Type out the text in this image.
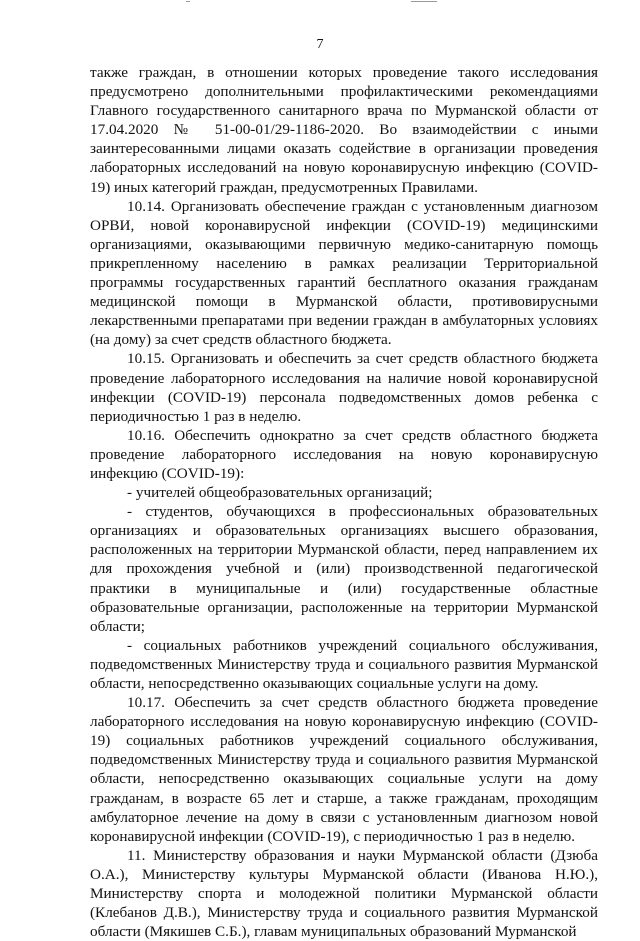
7

также граждан, в отношении которых проведение такого исследования предусмотрено дополнительными профилактическими рекомендациями Главного государственного санитарного врача по Мурманской области от 17.04.2020 № 51-00-01/29-1186-2020. Во взаимодействии с иными заинтересованными лицами оказать содействие в организации проведения лабораторных исследований на новую коронавирусную инфекцию (COVID-19) иных категорий граждан, предусмотренных Правилами.

10.14. Организовать обеспечение граждан с установленным диагнозом ОРВИ, новой коронавирусной инфекции (COVID-19) медицинскими организациями, оказывающими первичную медико-санитарную помощь прикрепленному населению в рамках реализации Территориальной программы государственных гарантий бесплатного оказания гражданам медицинской помощи в Мурманской области, противовирусными лекарственными препаратами при ведении граждан в амбулаторных условиях (на дому) за счет средств областного бюджета.

10.15. Организовать и обеспечить за счет средств областного бюджета проведение лабораторного исследования на наличие новой коронавирусной инфекции (COVID-19) персонала подведомственных домов ребенка с периодичностью 1 раз в неделю.

10.16. Обеспечить однократно за счет средств областного бюджета проведение лабораторного исследования на новую коронавирусную инфекцию (COVID-19):

- учителей общеобразовательных организаций;

- студентов, обучающихся в профессиональных образовательных организациях и образовательных организациях высшего образования, расположенных на территории Мурманской области, перед направлением их для прохождения учебной и (или) производственной педагогической практики в муниципальные и (или) государственные областные образовательные организации, расположенные на территории Мурманской области;

- социальных работников учреждений социального обслуживания, подведомственных Министерству труда и социального развития Мурманской области, непосредственно оказывающих социальные услуги на дому.

10.17. Обеспечить за счет средств областного бюджета проведение лабораторного исследования на новую коронавирусную инфекцию (COVID-19) социальных работников учреждений социального обслуживания, подведомственных Министерству труда и социального развития Мурманской области, непосредственно оказывающих социальные услуги на дому гражданам, в возрасте 65 лет и старше, а также гражданам, проходящим амбулаторное лечение на дому в связи с установленным диагнозом новой коронавирусной инфекции (COVID-19), с периодичностью 1 раз в неделю.

11. Министерству образования и науки Мурманской области (Дзюба О.А.), Министерству культуры Мурманской области (Иванова Н.Ю.), Министерству спорта и молодежной политики Мурманской области (Клебанов Д.В.), Министерству труда и социального развития Мурманской области (Мякишев С.Б.), главам муниципальных образований Мурманской
